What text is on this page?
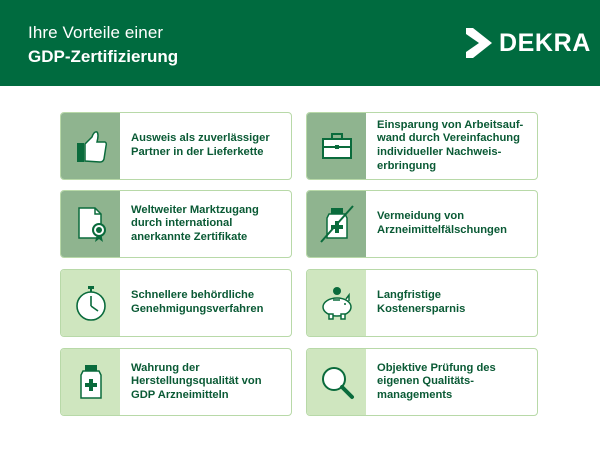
Ihre Vorteile einer
GDP-Zertifizierung	DEKRA
Ausweis als zuverlässiger Partner in der Lieferkette
Einsparung von Arbeitsauf-wand durch Vereinfachung individueller Nachweis-erbringung
Weltweiter Marktzugang durch international anerkannte Zertifikate
Vermeidung von Arzneimittelfälschungen
Schnellere behördliche Genehmigungsverfahren
Langfristige Kostenersparnis
Wahrung der Herstellungsqualität von GDP Arzneimitteln
Objektive Prüfung des eigenen Qualitäts-managements
